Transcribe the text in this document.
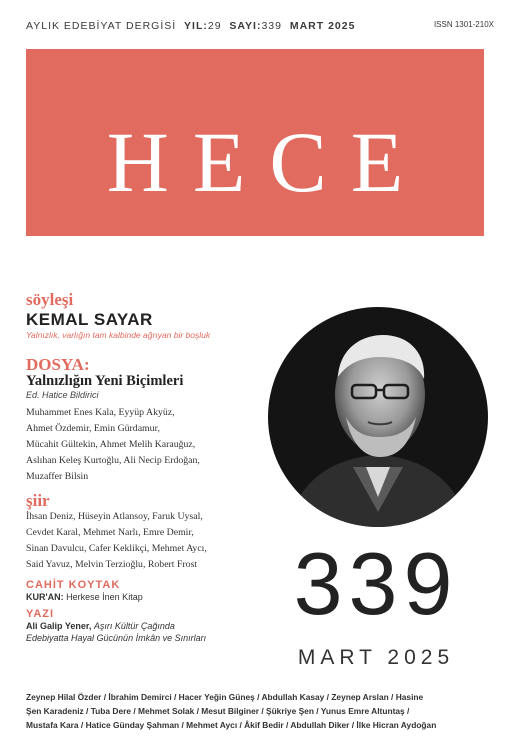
AYLIK EDEBİYAT DERGİSİ YIL:29 SAYI:339 MART 2025	ISSN 1301-210X
HECE
söyleşi
KEMAL SAYAR
Yalnızlık, varlığın tam kalbinde ağrıyan bir boşluk
DOSYA:
Yalnızlığın Yeni Biçimleri
Ed. Hatice Bildirici
Muhammet Enes Kala, Eyyüp Akyüz,
Ahmet Özdemir, Emin Gürdamur,
Mücahit Gültekin, Ahmet Melih Karauğuz,
Aslıhan Keleş Kurtoğlu, Ali Necip Erdoğan,
Muzaffer Bilsin
şiir
İhsan Deniz, Hüseyin Atlansoy, Faruk Uysal,
Cevdet Karal, Mehmet Narlı, Emre Demir,
Sinan Davulcu, Cafer Keklikçi, Mehmet Aycı,
Said Yavuz, Melvin Terzioğlu, Robert Frost
CAHİT KOYTAK
KUR'AN: Herkese İnen Kitap
YAZI
Ali Galip Yener, Aşırı Kültür Çağında
Edebiyatta Hayal Gücünün İmkân ve Sınırları
339
MART 2025
Zeynep Hilal Özder / İbrahim Demirci / Hacer Yeğin Güneş / Abdullah Kasay / Zeynep Arslan / Hasine
Şen Karadeniz / Tuba Dere / Mehmet Solak / Mesut Bilginer / Şükriye Şen / Yunus Emre Altuntaş /
Mustafa Kara / Hatice Günday Şahman / Mehmet Aycı / Âkif Bedir / Abdullah Diker / İlke Hicran Aydoğan
